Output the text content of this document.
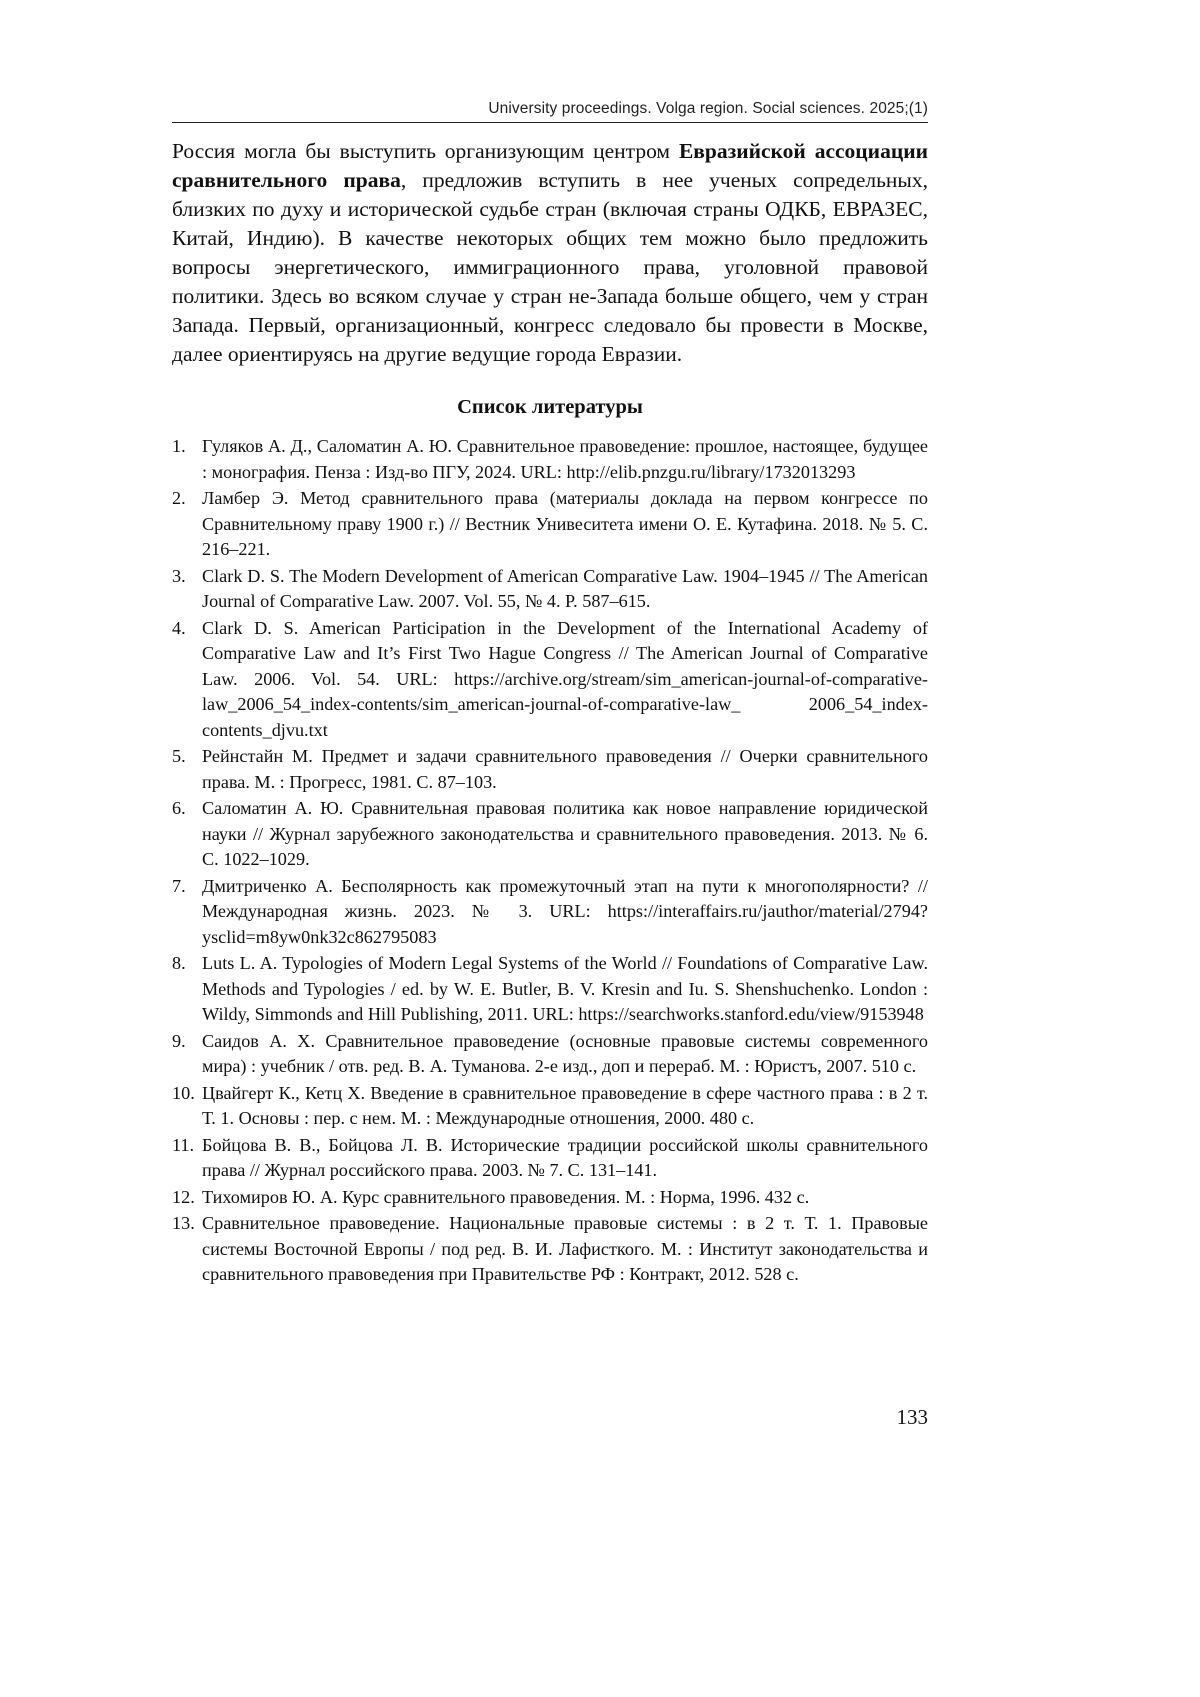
University proceedings. Volga region. Social sciences. 2025;(1)

Россия могла бы выступить организующим центром Евразийской ассоциации сравнительного права, предложив вступить в нее ученых сопредельных, близких по духу и исторической судьбе стран (включая страны ОДКБ, ЕВРАЗЕС, Китай, Индию). В качестве некоторых общих тем можно было предложить вопросы энергетического, иммиграционного права, уголовной правовой политики. Здесь во всяком случае у стран не-Запада больше общего, чем у стран Запада. Первый, организационный, конгресс следовало бы провести в Москве, далее ориентируясь на другие ведущие города Евразии.

Список литературы
1. Гуляков А. Д., Саломатин А. Ю. Сравнительное правоведение: прошлое, настоящее, будущее : монография. Пенза : Изд-во ПГУ, 2024. URL: http://elib.pnzgu.ru/library/1732013293
2. Ламбер Э. Метод сравнительного права (материалы доклада на первом конгрессе по Сравнительному праву 1900 г.) // Вестник Унивеситета имени О. Е. Кутафина. 2018. № 5. С. 216–221.
3. Clark D. S. The Modern Development of American Comparative Law. 1904–1945 // The American Journal of Comparative Law. 2007. Vol. 55, № 4. P. 587–615.
4. Clark D. S. American Participation in the Development of the International Academy of Comparative Law and It’s First Two Hague Congress // The American Journal of Comparative Law. 2006. Vol. 54. URL: https://archive.org/stream/sim_american-journal-of-comparative-law_2006_54_index-contents/sim_american-journal-of-comparative-law_ 2006_54_index-contents_djvu.txt
5. Рейнстайн М. Предмет и задачи сравнительного правоведения // Очерки сравнительного права. М. : Прогресс, 1981. С. 87–103.
6. Саломатин А. Ю. Сравнительная правовая политика как новое направление юридической науки // Журнал зарубежного законодательства и сравнительного правоведения. 2013. № 6. С. 1022–1029.
7. Дмитриченко А. Бесполярность как промежуточный этап на пути к многополярности? // Международная жизнь. 2023. № 3. URL: https://interaffairs.ru/jauthor/material/2794?ysclid=m8yw0nk32c862795083
8. Luts L. A. Typologies of Modern Legal Systems of the World // Foundations of Comparative Law. Methods and Typologies / ed. by W. E. Butler, B. V. Kresin and Iu. S. Shenshuchenko. London : Wildy, Simmonds and Hill Publishing, 2011. URL: https://searchworks.stanford.edu/view/9153948
9. Саидов А. Х. Сравнительное правоведение (основные правовые системы современного мира) : учебник / отв. ред. В. А. Туманова. 2-е изд., доп и перераб. М. : Юристъ, 2007. 510 с.
10. Цвайгерт К., Кетц Х. Введение в сравнительное правоведение в сфере частного права : в 2 т. Т. 1. Основы : пер. с нем. М. : Международные отношения, 2000. 480 с.
11. Бойцова В. В., Бойцова Л. В. Исторические традиции российской школы сравнительного права // Журнал российского права. 2003. № 7. С. 131–141.
12. Тихомиров Ю. А. Курс сравнительного правоведения. М. : Норма, 1996. 432 с.
13. Сравнительное правоведение. Национальные правовые системы : в 2 т. Т. 1. Правовые системы Восточной Европы / под ред. В. И. Лафисткого. М. : Институт законодательства и сравнительного правоведения при Правительстве РФ : Контракт, 2012. 528 с.
133
